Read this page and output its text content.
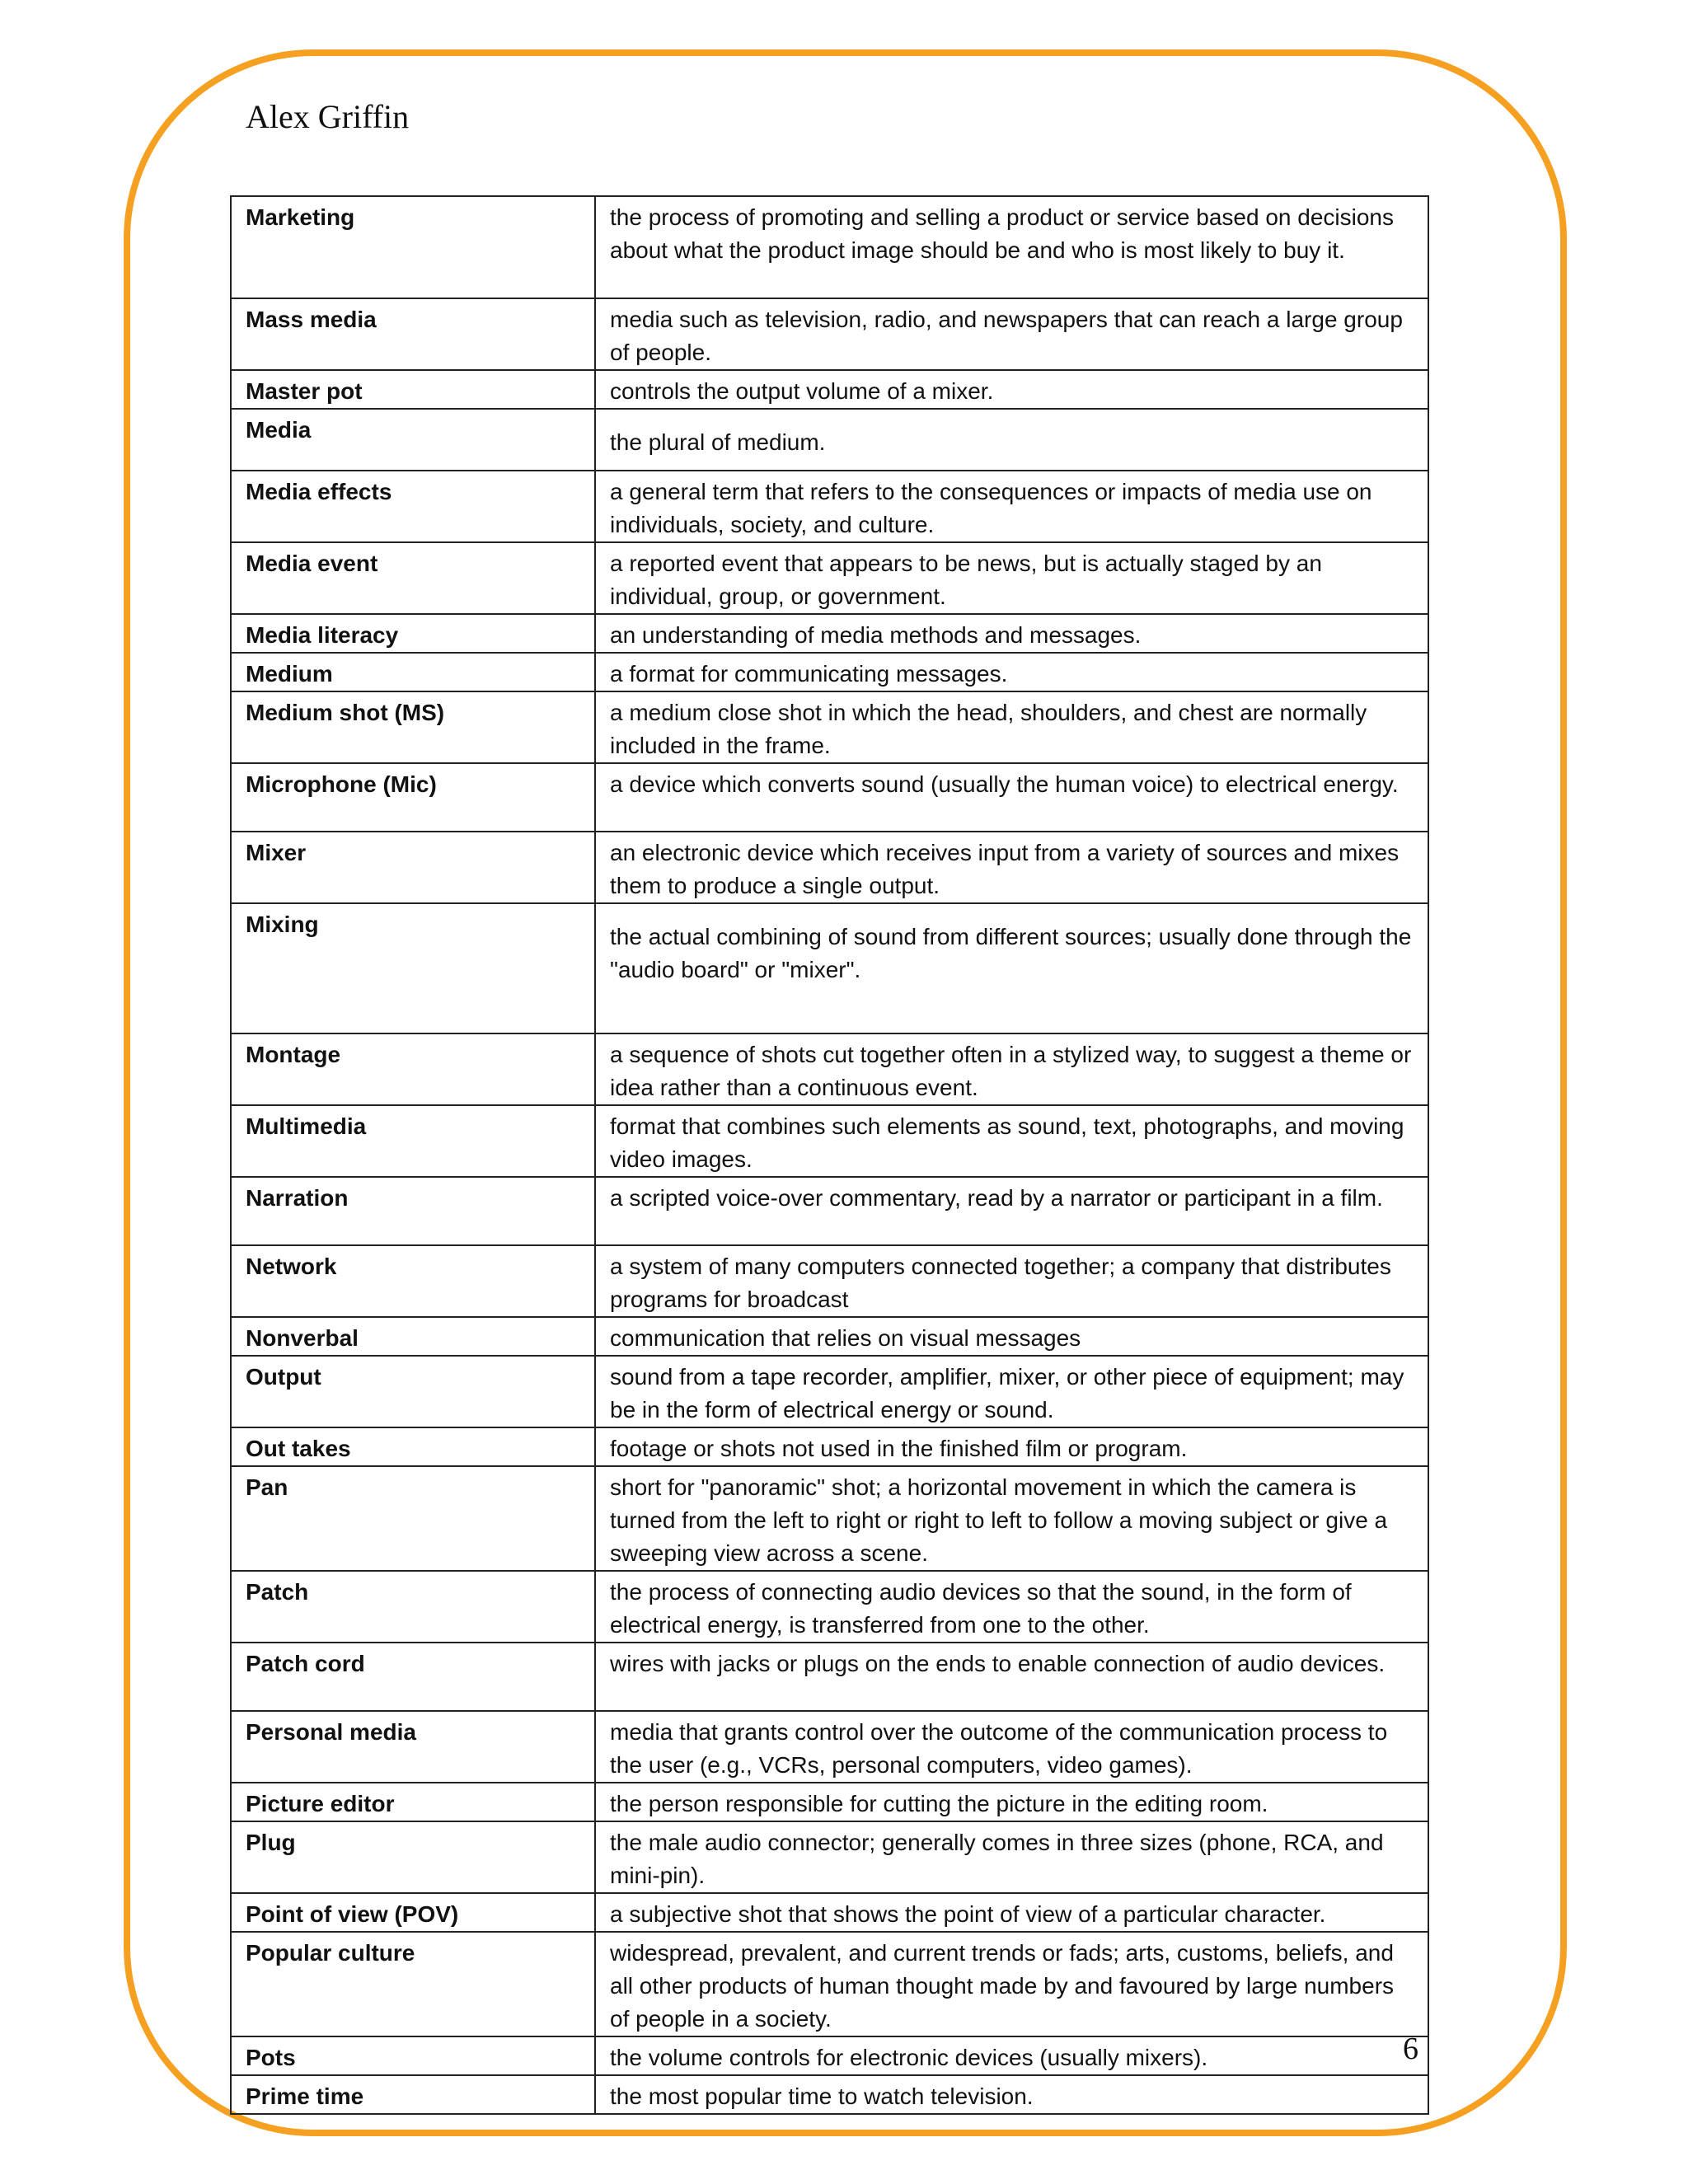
Alex Griffin
Marketing	the process of promoting and selling a product or service based on decisions about what the product image should be and who is most likely to buy it.
Mass media	media such as television, radio, and newspapers that can reach a large group of people.
Master pot	controls the output volume of a mixer.
Media	the plural of medium.
Media effects	a general term that refers to the consequences or impacts of media use on individuals, society, and culture.
Media event	a reported event that appears to be news, but is actually staged by an individual, group, or government.
Media literacy	an understanding of media methods and messages.
Medium	a format for communicating messages.
Medium shot (MS)	a medium close shot in which the head, shoulders, and chest are normally included in the frame.
Microphone (Mic)	a device which converts sound (usually the human voice) to electrical energy.
Mixer	an electronic device which receives input from a variety of sources and mixes them to produce a single output.
Mixing	the actual combining of sound from different sources; usually done through the "audio board" or "mixer".
Montage	a sequence of shots cut together often in a stylized way, to suggest a theme or idea rather than a continuous event.
Multimedia	format that combines such elements as sound, text, photographs, and moving video images.
Narration	a scripted voice-over commentary, read by a narrator or participant in a film.
Network	a system of many computers connected together; a company that distributes programs for broadcast
Nonverbal	communication that relies on visual messages
Output	sound from a tape recorder, amplifier, mixer, or other piece of equipment; may be in the form of electrical energy or sound.
Out takes	footage or shots not used in the finished film or program.
Pan	short for "panoramic" shot; a horizontal movement in which the camera is turned from the left to right or right to left to follow a moving subject or give a sweeping view across a scene.
Patch	the process of connecting audio devices so that the sound, in the form of electrical energy, is transferred from one to the other.
Patch cord	wires with jacks or plugs on the ends to enable connection of audio devices.
Personal media	media that grants control over the outcome of the communication process to the user (e.g., VCRs, personal computers, video games).
Picture editor	the person responsible for cutting the picture in the editing room.
Plug	the male audio connector; generally comes in three sizes (phone, RCA, and mini-pin).
Point of view (POV)	a subjective shot that shows the point of view of a particular character.
Popular culture	widespread, prevalent, and current trends or fads; arts, customs, beliefs, and all other products of human thought made by and favoured by large numbers of people in a society.
Pots	the volume controls for electronic devices (usually mixers).
Prime time	the most popular time to watch television.
6
